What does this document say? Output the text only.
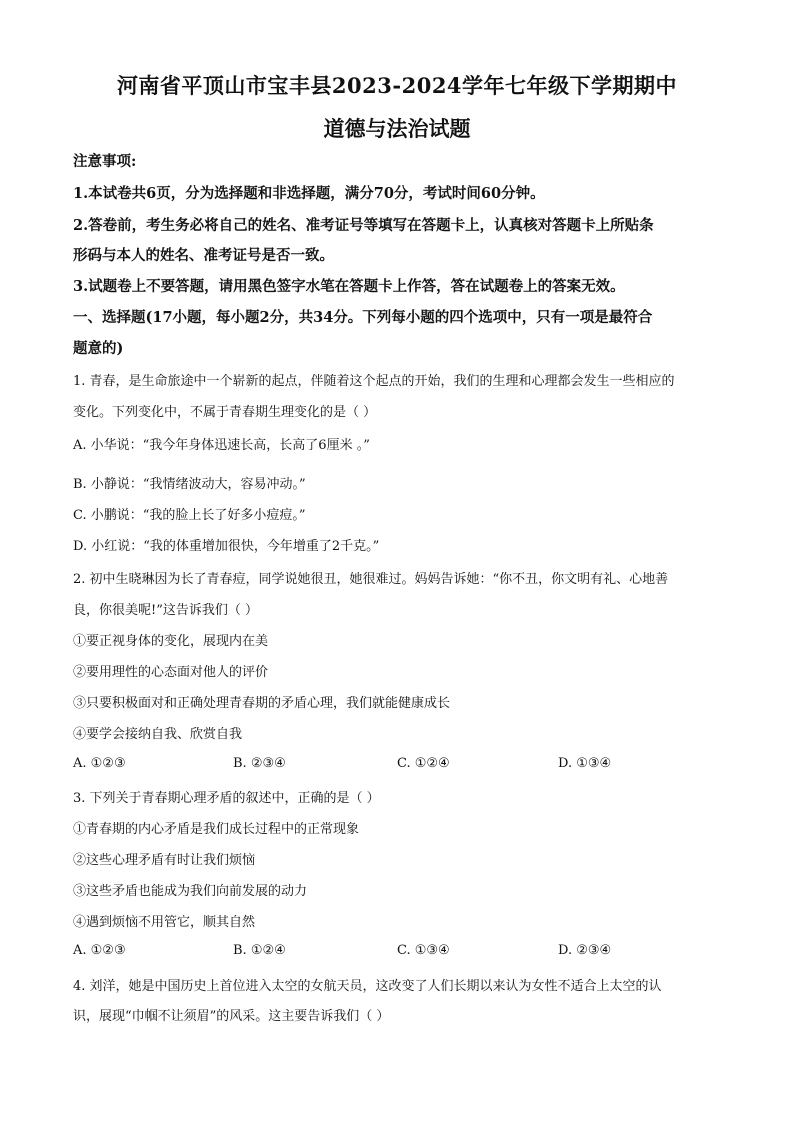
河南省平顶山市宝丰县2023-2024学年七年级下学期期中
道德与法治试题
注意事项:
1.本试卷共6页，分为选择题和非选择题，满分70分，考试时间60分钟。
2.答卷前，考生务必将自己的姓名、准考证号等填写在答题卡上，认真核对答题卡上所贴条
形码与本人的姓名、准考证号是否一致。
3.试题卷上不要答题，请用黑色签字水笔在答题卡上作答，答在试题卷上的答案无效。
一、选择题(17小题，每小题2分，共34分。下列每小题的四个选项中，只有一项是最符合
题意的)
1. 青春，是生命旅途中一个崭新的起点，伴随着这个起点的开始，我们的生理和心理都会发生一些相应的
变化。下列变化中，不属于青春期生理变化的是（ ）
A. 小华说：“我今年身体迅速长高，长高了6厘米 。”
B. 小静说：“我情绪波动大，容易冲动。”
C. 小鹏说：“我的脸上长了好多小痘痘。”
D. 小红说：“我的体重增加很快，今年增重了2千克。”
2. 初中生晓琳因为长了青春痘，同学说她很丑，她很难过。妈妈告诉她：“你不丑，你文明有礼、心地善
良，你很美呢!”这告诉我们（ ）
①要正视身体的变化，展现内在美
②要用理性的心态面对他人的评价
③只要积极面对和正确处理青春期的矛盾心理，我们就能健康成长
④要学会接纳自我、欣赏自我
A. ①②③	B. ②③④	C. ①②④	D. ①③④
3. 下列关于青春期心理矛盾的叙述中，正确的是（ ）
①青春期的内心矛盾是我们成长过程中的正常现象
②这些心理矛盾有时让我们烦恼
③这些矛盾也能成为我们向前发展的动力
④遇到烦恼不用管它，顺其自然
A. ①②③	B. ①②④	C. ①③④	D. ②③④
4. 刘洋，她是中国历史上首位进入太空的女航天员，这改变了人们长期以来认为女性不适合上太空的认
识，展现“巾帼不让须眉”的风采。这主要告诉我们（ ）
